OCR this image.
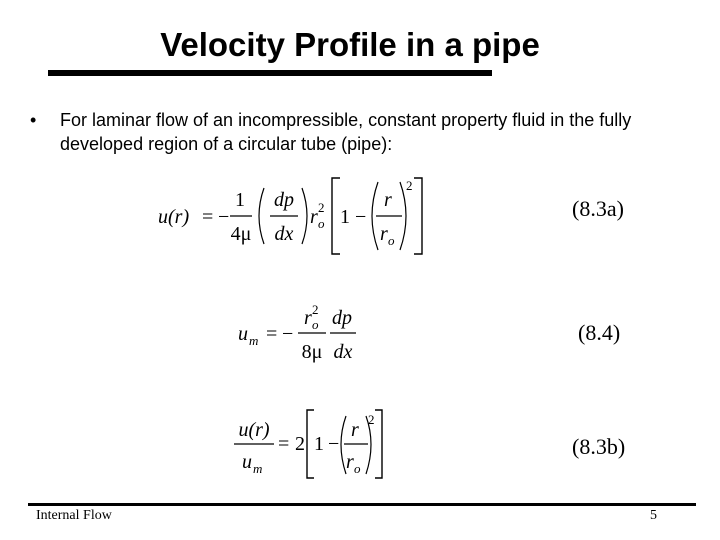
Velocity Profile in a pipe
• For laminar flow of an incompressible, constant property fluid in the fully developed region of a circular tube (pipe):
u(r) = −
1
4μ
dp
dx
r o
2 1 −
r
r o
2
(8.3a)
u m = −
r o
2
8μ
dp
dx
(8.4)
u(r)
u m
= 2 1 −
r
r o
2
(8.3b)
Internal Flow	5
